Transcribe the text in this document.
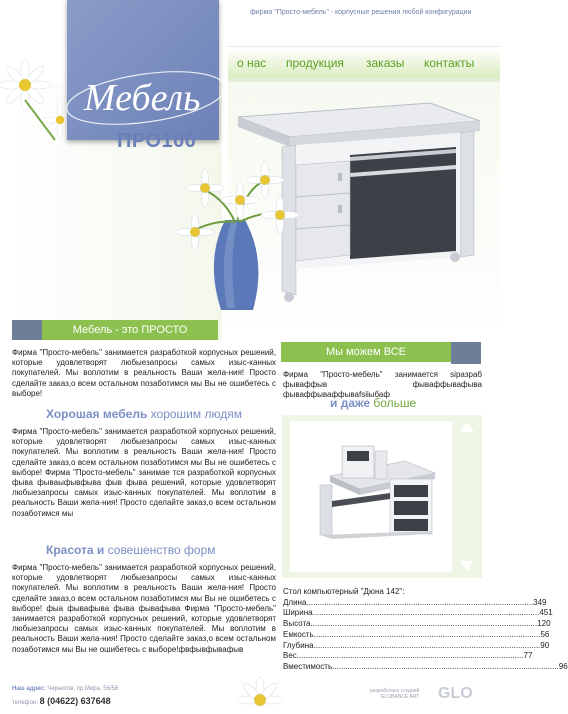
фирма "Просто-мебель" - корпусные решения любой конфигурации
Мебель
ПРО100
о нас продукция заказы контакты
Мебель - это ПРОСТО
Фирма "Просто-мебель" занимается разработкой корпусных решений, которые удовлетворят любыезапросы самых изыс-канных покупателей. Мы воплотим в реальность Ваши жела-ния! Просто сделайте заказ,о всем остальном позаботимся мы Вы не ошибетесь с выборе!
Хорошая мебель хорошим людям
Фирма "Просто-мебель" занимается разработкой корпусных решений, которые удовлетворят любыезапросы самых изыс-канных покупателей. Мы воплотим в реальность Ваши жела-ния! Просто сделайте заказ,о всем остальном позаботимся мы Вы не ошибетесь с выборе! Фирма "Просто-мебель" занимае тся разработкой корпусных фыва фываыфывфыва фыв фыва решений, которые удовлетворят любыезапросы самых изыс-канных покупателей. Мы воплотим в реальность Ваши жела-ния! Просто сделайте заказ,о всем остальном позаботимся мы
Красота и совешенство форм
Фирма "Просто-мебель" занимается разработкой корпусных решений, которые удовлетворят любыезапросы самых изыс-канных покупателей. Мы воплотим в реальность Ваши жела-ния! Просто сделайте заказ,о всем остальном позаботимся мы Вы не ошибетесь с выборе! фыа фывафыва фыва фывафыва Фирма "Просто-мебель" занимается разработкой корпусных решений, которые удовлетворят любыезапросы самых изыс-канных покупателей. Мы воплотим в реальность Ваши жела-ния! Просто сделайте заказ,о всем остальном позаботимся мы Вы не ошибетесь с выборе!фвфывфывафыв
Мы можем ВСЕ
Фирма "Просто-мебель" занимается sipaзpaб фываффыв фываффывафыва фываффываффываfsiiыбаф
и даже больше
Стол компьютерный "Дюна 142":
Длина ...................................................................................................... 349
Ширина ...................................................................................................... 451
Высота ...................................................................................................... 120
Емкость ...................................................................................................... 56
Глубина ...................................................................................................... 90
Вес ...................................................................................................... 77
Вместимость ...................................................................................................... 96
Наш адрес: Чернигов, пр.Мира, 56/56
телефон: 8 (04622) 637648
разработано студией
GLOBANCE ART GLO
